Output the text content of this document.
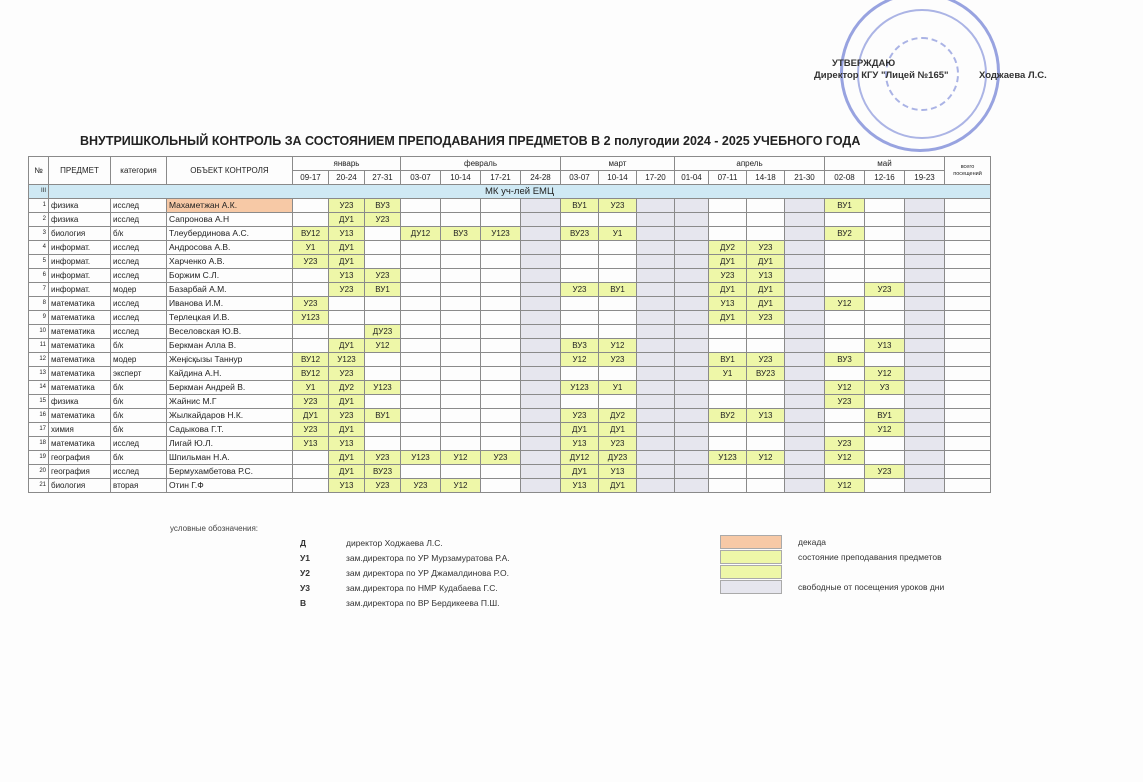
УТВЕРЖДАЮ
Директор КГУ "Лицей №165"	Ходжаева Л.С.
ВНУТРИШКОЛЬНЫЙ КОНТРОЛЬ ЗА СОСТОЯНИЕМ ПРЕПОДАВАНИЯ ПРЕДМЕТОВ В 2 полугодии 2024 - 2025 УЧЕБНОГО ГОДА
№	ПРЕДМЕТ	категория	ОБЪЕКТ КОНТРОЛЯ	январь			февраль				март			апрель				май			всего посещений
				09-17	20-24	27-31	03-07	10-14	17-21	24-28	03-07	10-14	17-20	01-04	07-11	14-18	21-30	02-08	12-16	19-23	
III	МК уч-лей ЕМЦ																				
1	физика	исслед	Махаметжан А.К.		У23	ВУ3					ВУ1	У23						ВУ1			
2	физика	исслед	Сапронова А.Н		ДУ1	У23															
3	биология	б/к	Тлеубердинова А.С.	ВУ12	У13		ДУ12	ВУ3	У123		ВУ23	У1						ВУ2			
4	информат.	исслед	Андросова А.В.	У1	ДУ1										ДУ2	У23					
5	информат.	исслед	Харченко А.В.	У23	ДУ1										ДУ1	ДУ1					
6	информат.	исслед	Боржим С.Л.		У13	У23									У23	У13					
7	информат.	модер	Базарбай А.М.		У23	ВУ1					У23	ВУ1			ДУ1	ДУ1			У23		
8	математика	исслед	Иванова И.М.	У23											У13	ДУ1		У12			
9	математика	исслед	Терлецкая И.В.	У123											ДУ1	У23					
10	математика	исслед	Веселовская Ю.В.			ДУ23															
11	математика	б/к	Беркман Алла В.		ДУ1	У12					ВУ3	У12							У13		
12	математика	модер	Жеңісқызы Таннур	ВУ12	У123						У12	У23			ВУ1	У23		ВУ3			
13	математика	эксперт	Кайдина А.Н.	ВУ12	У23										У1	ВУ23			У12		
14	математика	б/к	Беркман Андрей В.	У1	ДУ2	У123					У123	У1						У12	У3		
15	физика	б/к	Жайнис М.Г	У23	ДУ1													У23			
16	математика	б/к	Жылкайдаров Н.К.	ДУ1	У23	ВУ1					У23	ДУ2			ВУ2	У13			ВУ1		
17	химия	б/к	Садыкова Г.Т.	У23	ДУ1						ДУ1	ДУ1							У12		
18	математика	исслед	Лигай Ю.Л.	У13	У13						У13	У23						У23			
19	география	б/к	Шпильман Н.А.		ДУ1	У23	У123	У12	У23		ДУ12	ДУ23			У123	У12		У12			
20	география	исслед	Бермухамбетова Р.С.		ДУ1	ВУ23					ДУ1	У13							У23		
21	биология	вторая	Отин Г.Ф		У13	У23	У23	У12			У13	ДУ1						У12			
условные обозначения:
Д	директор Ходжаева Л.С.
У1	зам.директора по УР Мурзамуратова Р.А.
У2	зам директора по УР Джамалдинова Р.О.
У3	зам.директора по НМР Кудабаева Г.С.
В	зам.директора по ВР Бердикеева П.Ш.
декада
состояние преподавания предметов
свободные от посещения уроков дни
